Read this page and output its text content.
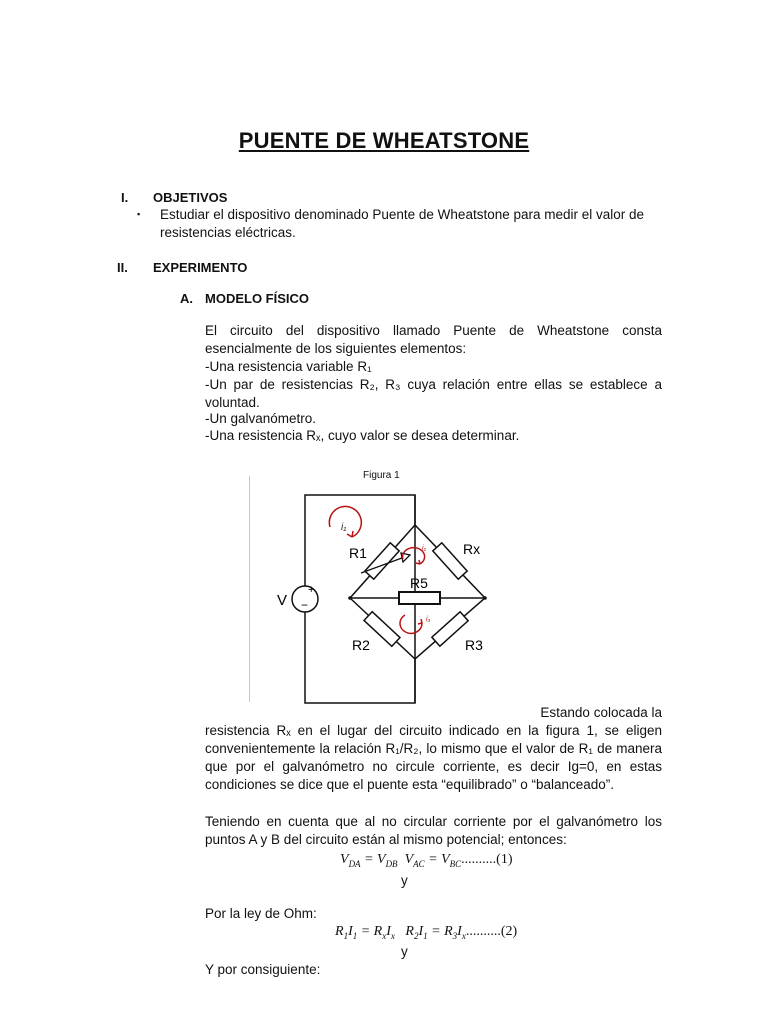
PUENTE DE WHEATSTONE
I. OBJETIVOS
▪ Estudiar el dispositivo denominado Puente de Wheatstone para medir el valor de
resistencias eléctricas.
II. EXPERIMENTO
A. MODELO FÍSICO
El circuito del dispositivo llamado Puente de Wheatstone consta esencialmente de los siguientes elementos:
-Una resistencia variable R₁
-Un par de resistencias R₂, R₃ cuya relación entre ellas se establece a voluntad.
-Un galvanómetro.
-Una resistencia Rₓ, cuyo valor se desea determinar.
Figura 1
+
−
V
i₁
i₂
i₃
R1	Rx
R5
R2	R3
Estando colocada la
resistencia Rₓ en el lugar del circuito indicado en la figura 1, se eligen convenientemente la relación R₁/R₂, lo mismo que el valor de R₁ de manera que por el galvanómetro no circule corriente, es decir Ig=0, en estas condiciones se dice que el puente esta “equilibrado” o “balanceado”.
Teniendo en cuenta que al no circular corriente por el galvanómetro los puntos A y B del circuito están al mismo potencial; entonces:
$V_{DA} = V_{DB}$ $V_{AC} = V_{BC}..........(1)$
y
Por la ley de Ohm:
$R_1I_1 = R_xI_x$ $R_2I_1 = R_3I_x..........(2)$
y
Y por consiguiente:
